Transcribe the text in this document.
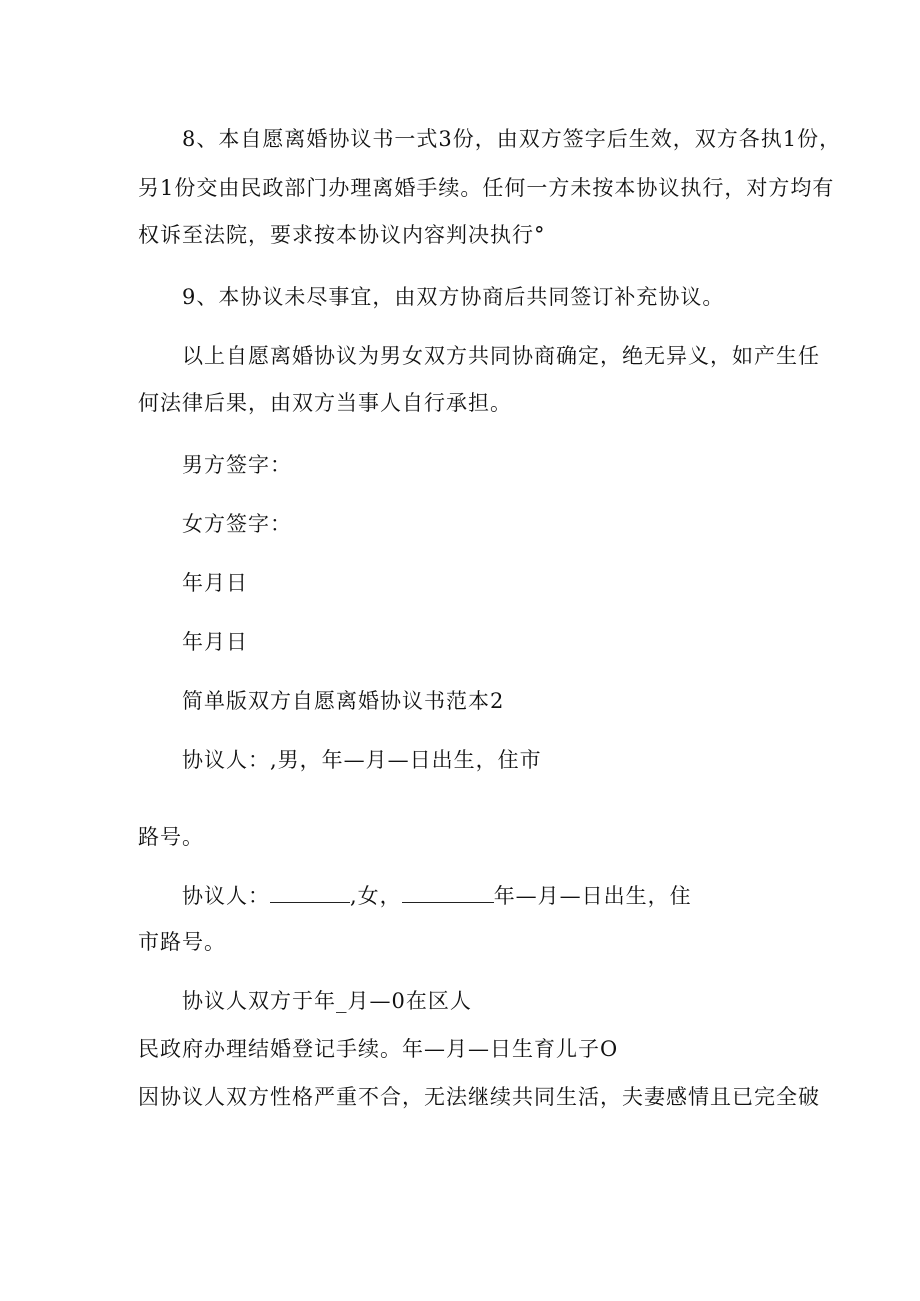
8、本自愿离婚协议书一式3份，由双方签字后生效，双方各执1份，
另1份交由民政部门办理离婚手续。任何一方未按本协议执行，对方均有
权诉至法院，要求按本协议内容判决执行°
9、本协议未尽事宜，由双方协商后共同签订补充协议。
以上自愿离婚协议为男女双方共同协商确定，绝无异义，如产生任
何法律后果，由双方当事人自行承担。
男方签字：
女方签字：
年月日
年月日
简单版双方自愿离婚协议书范本2
协议人：,男，年—月—日出生，住市
路号。
协议人：	,女，	年—月—日出生，住
市路号。
协议人双方于年_月—0在区人
民政府办理结婚登记手续。年—月—日生育儿子O
因协议人双方性格严重不合，无法继续共同生活，夫妻感情且已完全破
